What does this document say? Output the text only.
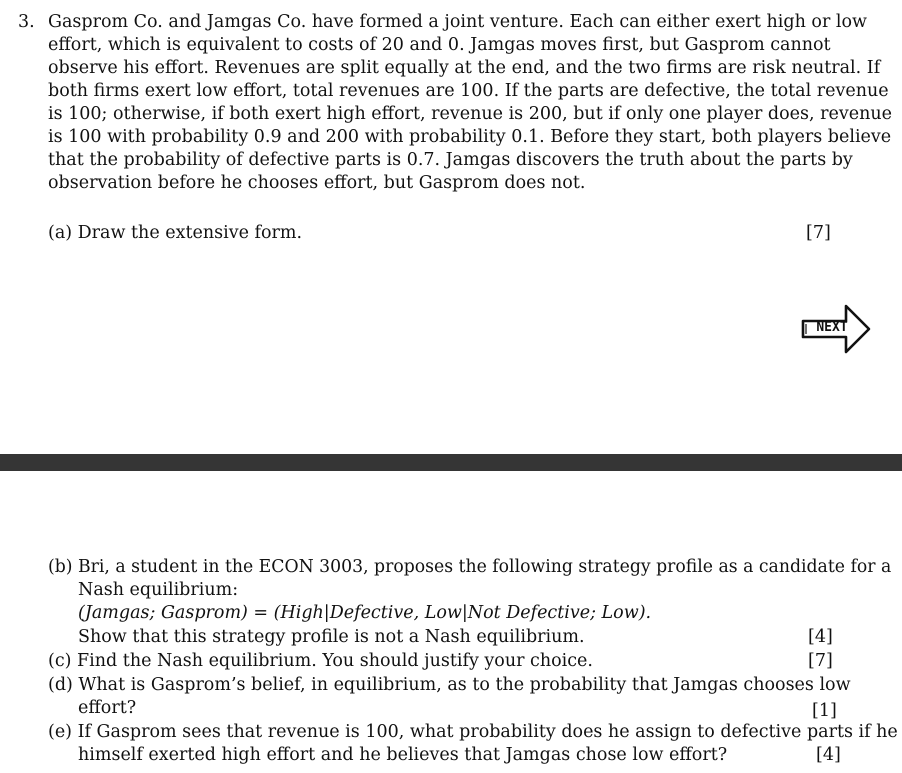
3. Gasprom Co. and Jamgas Co. have formed a joint venture. Each can either exert high or low
effort, which is equivalent to costs of 20 and 0. Jamgas moves first, but Gasprom cannot
observe his effort. Revenues are split equally at the end, and the two firms are risk neutral. If
both firms exert low effort, total revenues are 100. If the parts are defective, the total revenue
is 100; otherwise, if both exert high effort, revenue is 200, but if only one player does, revenue
is 100 with probability 0.9 and 200 with probability 0.1. Before they start, both players believe
that the probability of defective parts is 0.7. Jamgas discovers the truth about the parts by
observation before he chooses effort, but Gasprom does not.
(a) Draw the extensive form.	[7]
NEXT
(b) Bri, a student in the ECON 3003, proposes the following strategy profile as a candidate for a
Nash equilibrium:
(Jamgas; Gasprom) = (High|Defective, Low|Not Defective; Low).
Show that this strategy profile is not a Nash equilibrium.	[4]
(c) Find the Nash equilibrium. You should justify your choice.	[7]
(d) What is Gasprom’s belief, in equilibrium, as to the probability that Jamgas chooses low
effort?	[1]
(e) If Gasprom sees that revenue is 100, what probability does he assign to defective parts if he
himself exerted high effort and he believes that Jamgas chose low effort?	[4]
